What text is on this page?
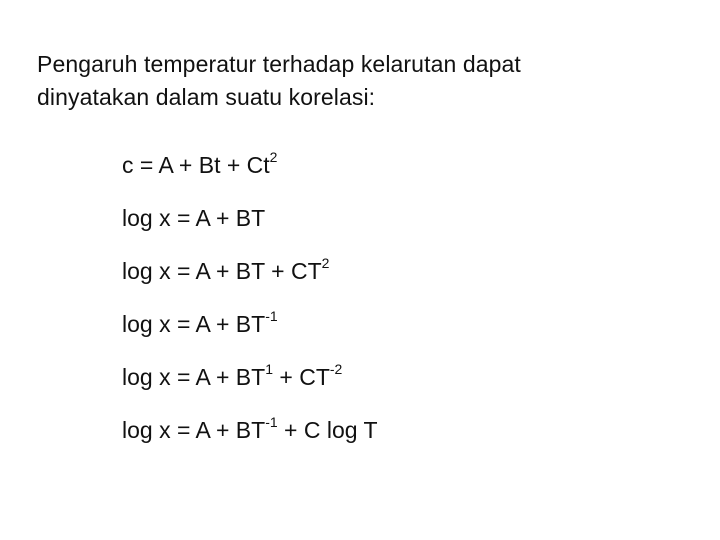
Pengaruh temperatur terhadap kelarutan dapat
dinyatakan dalam suatu korelasi:

$c = A + Bt + Ct^2$
log x = A + BT
log x = A + BT + $CT^2$
$\log x = A + BT^{-1}$
$\log x = A + BT^1 + CT^{-2}$
$\log x = A + BT^{-1} + C$ log T
